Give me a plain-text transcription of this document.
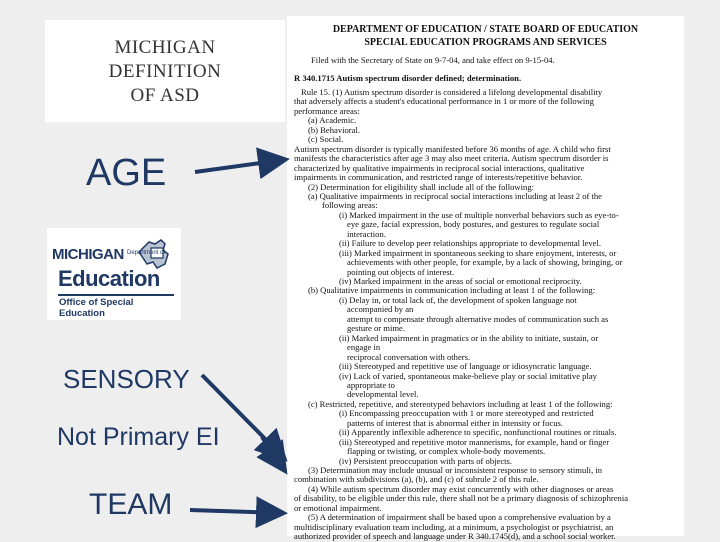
MICHIGAN
DEFINITION
OF ASD
AGE
MICHIGAN Department of
Education
Office of Special Education
SENSORY
Not Primary EI
TEAM
DEPARTMENT OF EDUCATION / STATE BOARD OF EDUCATION
SPECIAL EDUCATION PROGRAMS AND SERVICES
Filed with the Secretary of State on 9-7-04, and take effect on 9-15-04.
R 340.1715 Autism spectrum disorder defined; determination.
Rule 15. (1) Autism spectrum disorder is considered a lifelong developmental disability
that adversely affects a student's educational performance in 1 or more of the following
performance areas:
(a) Academic.
(b) Behavioral.
(c) Social.
Autism spectrum disorder is typically manifested before 36 months of age. A child who first
manifests the characteristics after age 3 may also meet criteria. Autism spectrum disorder is
characterized by qualitative impairments in reciprocal social interactions, qualitative
impairments in communication, and restricted range of interests/repetitive behavior.
(2) Determination for eligibility shall include all of the following:
(a) Qualitative impairments in reciprocal social interactions including at least 2 of the
following areas:
(i) Marked impairment in the use of multiple nonverbal behaviors such as eye-to-
eye gaze, facial expression, body postures, and gestures to regulate social
interaction.
(ii) Failure to develop peer relationships appropriate to developmental level.
(iii) Marked impairment in spontaneous seeking to share enjoyment, interests, or
achievements with other people, for example, by a lack of showing, bringing, or
pointing out objects of interest.
(iv) Marked impairment in the areas of social or emotional reciprocity.
(b) Qualitative impairments in communication including at least 1 of the following:
(i) Delay in, or total lack of, the development of spoken language not
accompanied by an
attempt to compensate through alternative modes of communication such as
gesture or mime.
(ii) Marked impairment in pragmatics or in the ability to initiate, sustain, or
engage in
reciprocal conversation with others.
(iii) Stereotyped and repetitive use of language or idiosyncratic language.
(iv) Lack of varied, spontaneous make-believe play or social imitative play
appropriate to
developmental level.
(c) Restricted, repetitive, and stereotyped behaviors including at least 1 of the following:
(i) Encompassing preoccupation with 1 or more stereotyped and restricted
patterns of interest that is abnormal either in intensity or focus.
(ii) Apparently inflexible adherence to specific, nonfunctional routines or rituals.
(iii) Stereotyped and repetitive motor mannerisms, for example, hand or finger
flapping or twisting, or complex whole-body movements.
(iv) Persistent preoccupation with parts of objects.
(3) Determination may include unusual or inconsistent response to sensory stimuli, in
combination with subdivisions (a), (b), and (c) of subrule 2 of this rule.
(4) While autism spectrum disorder may exist concurrently with other diagnoses or areas
of disability, to be eligible under this rule, there shall not be a primary diagnosis of schizophrenia
or emotional impairment.
(5) A determination of impairment shall be based upon a comprehensive evaluation by a
multidisciplinary evaluation team including, at a minimum, a psychologist or psychiatrist, an
authorized provider of speech and language under R 340.1745(d), and a school social worker.
